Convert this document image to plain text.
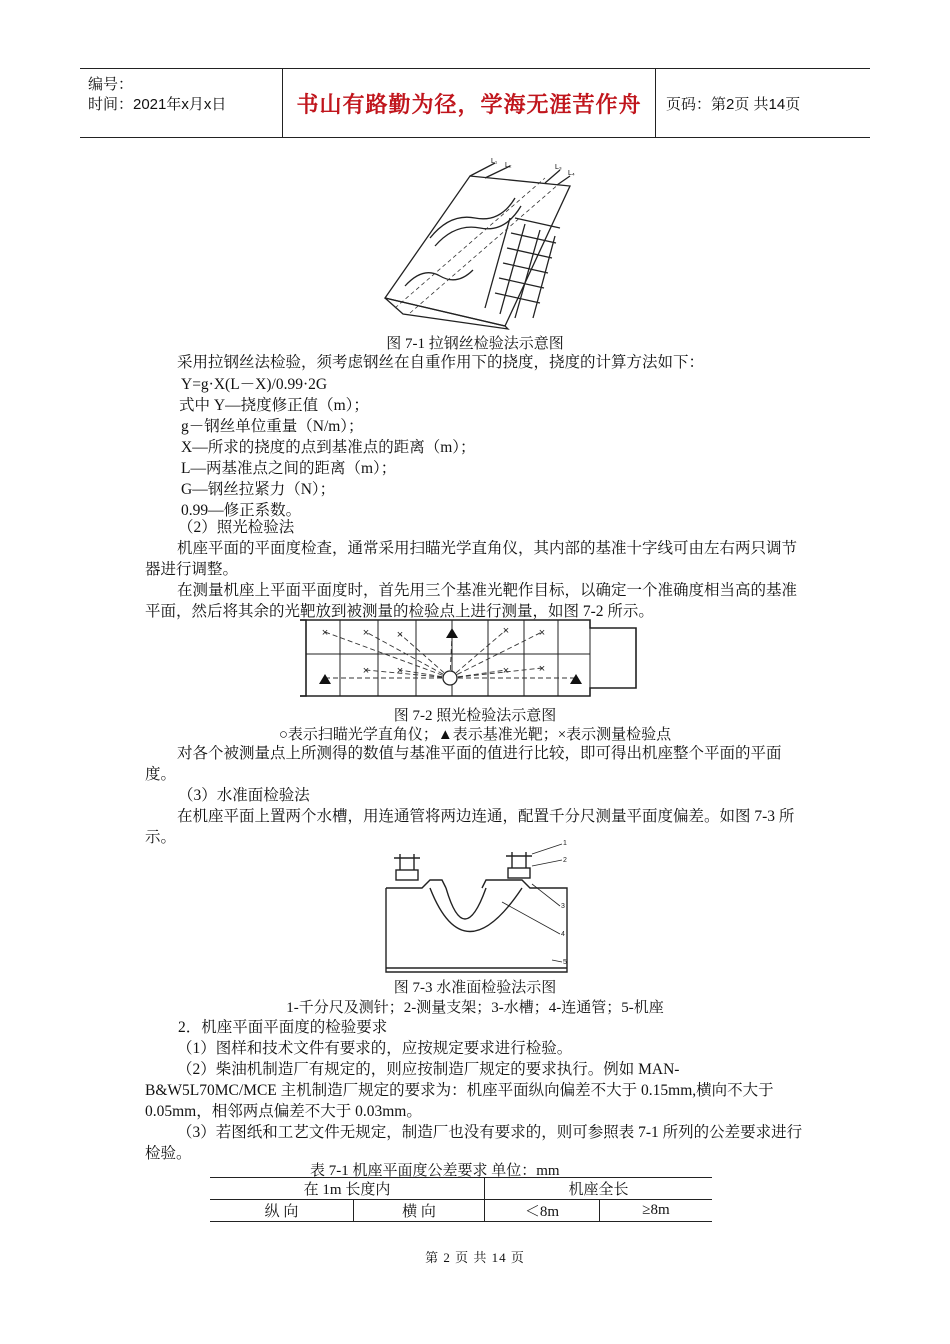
编号：
时间：2021年x月x日	书山有路勤为径，学海无涯苦作舟	页码：第2页 共14页
L₁
L₂	L₃
L₄
图 7-1 拉钢丝检验法示意图
采用拉钢丝法检验，须考虑钢丝在自重作用下的挠度，挠度的计算方法如下：
Y=g·X(L－X)/0.99·2G
式中 Y—挠度修正值（m）；
g－钢丝单位重量（N/m）；
X—所求的挠度的点到基准点的距离（m）；
L—两基准点之间的距离（m）；
G—钢丝拉紧力（N）；
0.99—修正系数。
（2）照光检验法
机座平面的平面度检查，通常采用扫瞄光学直角仪，其内部的基准十字线可由左右两只调节器进行调整。
在测量机座上平面平面度时，首先用三个基准光靶作目标，以确定一个准确度相当高的基准平面，然后将其余的光靶放到被测量的检验点上进行测量，如图 7-2 所示。
×	×	×	×	×
×	×	×	×
图 7-2 照光检验法示意图
○表示扫瞄光学直角仪；▲表示基准光靶；×表示测量检验点
对各个被测量点上所测得的数值与基准平面的值进行比较，即可得出机座整个平面的平面度。
（3）水准面检验法
在机座平面上置两个水槽，用连通管将两边连通，配置千分尺测量平面度偏差。如图 7-3 所示。	1
2
3
4
5
图 7-3 水准面检验法示图
1-千分尺及测针；2-测量支架；3-水槽；4-连通管；5-机座
2．机座平面平面度的检验要求
（1）图样和技术文件有要求的，应按规定要求进行检验。
（2）柴油机制造厂有规定的，则应按制造厂规定的要求执行。例如 MAN-B&W5L70MC/MCE 主机制造厂规定的要求为：机座平面纵向偏差不大于 0.15mm,横向不大于 0.05mm，相邻两点偏差不大于 0.03mm。
（3）若图纸和工艺文件无规定，制造厂也没有要求的，则可参照表 7-1 所列的公差要求进行检验。
表 7-1 机座平面度公差要求 单位：mm
在 1m 长度内		机座全长	
纵 向	横 向	＜8m	≥8m
第 2 页 共 14 页
